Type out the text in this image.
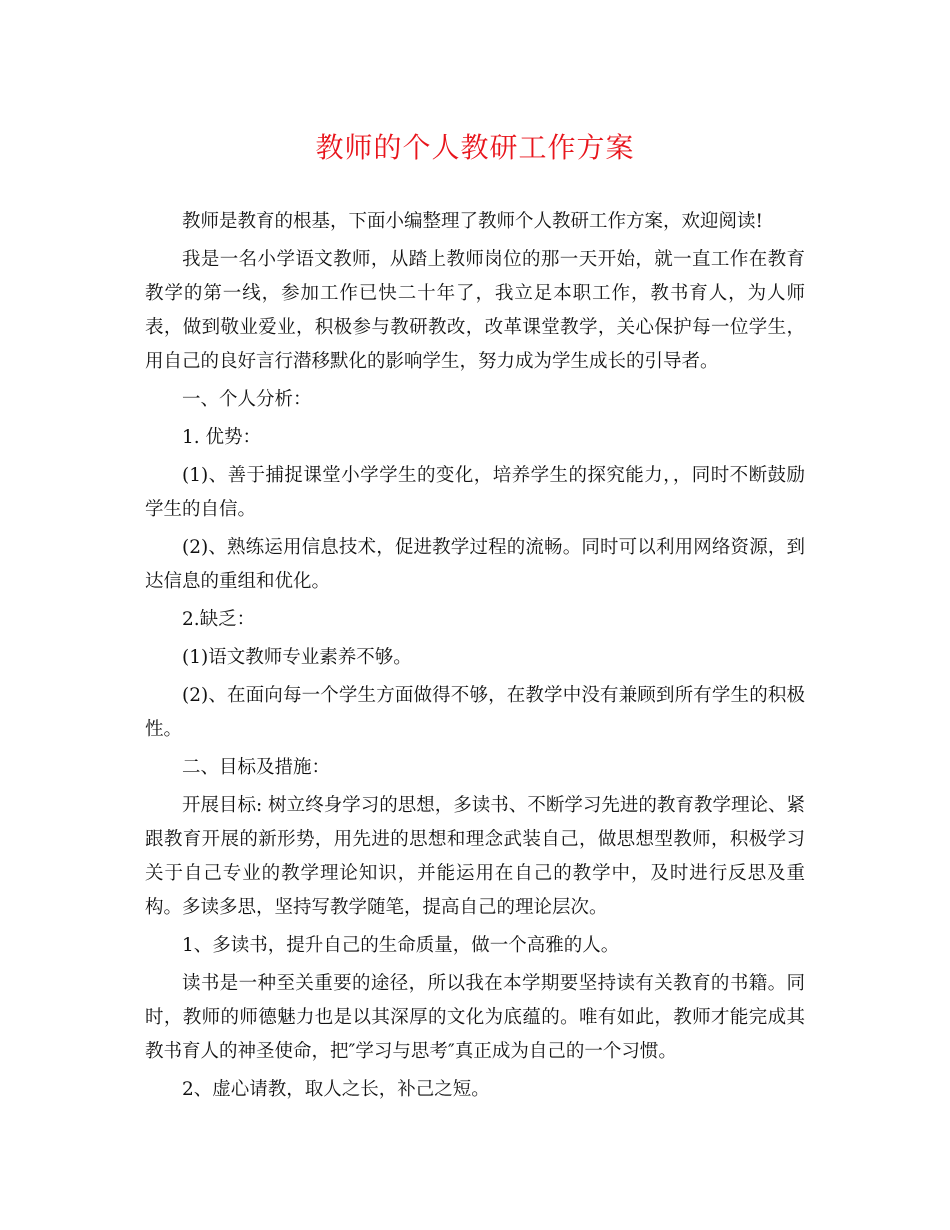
教师的个人教研工作方案

教师是教育的根基，下面小编整理了教师个人教研工作方案，欢迎阅读!

我是一名小学语文教师，从踏上教师岗位的那一天开始，就一直工作在教育教学的第一线，参加工作已快二十年了，我立足本职工作，教书育人，为人师表，做到敬业爱业，积极参与教研教改，改革课堂教学，关心保护每一位学生，用自己的良好言行潜移默化的影响学生，努力成为学生成长的引导者。

一、个人分析：

1. 优势：

(1)、善于捕捉课堂小学学生的变化，培养学生的探究能力，，同时不断鼓励学生的自信。

(2)、熟练运用信息技术，促进教学过程的流畅。同时可以利用网络资源，到达信息的重组和优化。

2.缺乏：

(1)语文教师专业素养不够。

(2)、在面向每一个学生方面做得不够，在教学中没有兼顾到所有学生的积极性。

二、目标及措施：

开展目标: 树立终身学习的思想，多读书、不断学习先进的教育教学理论、紧跟教育开展的新形势，用先进的思想和理念武装自己，做思想型教师，积极学习关于自己专业的教学理论知识，并能运用在自己的教学中，及时进行反思及重构。多读多思，坚持写教学随笔，提高自己的理论层次。

1、多读书，提升自己的生命质量，做一个高雅的人。

读书是一种至关重要的途径，所以我在本学期要坚持读有关教育的书籍。同时，教师的师德魅力也是以其深厚的文化为底蕴的。唯有如此，教师才能完成其教书育人的神圣使命，把″学习与思考″真正成为自己的一个习惯。

2、虚心请教，取人之长，补己之短。
